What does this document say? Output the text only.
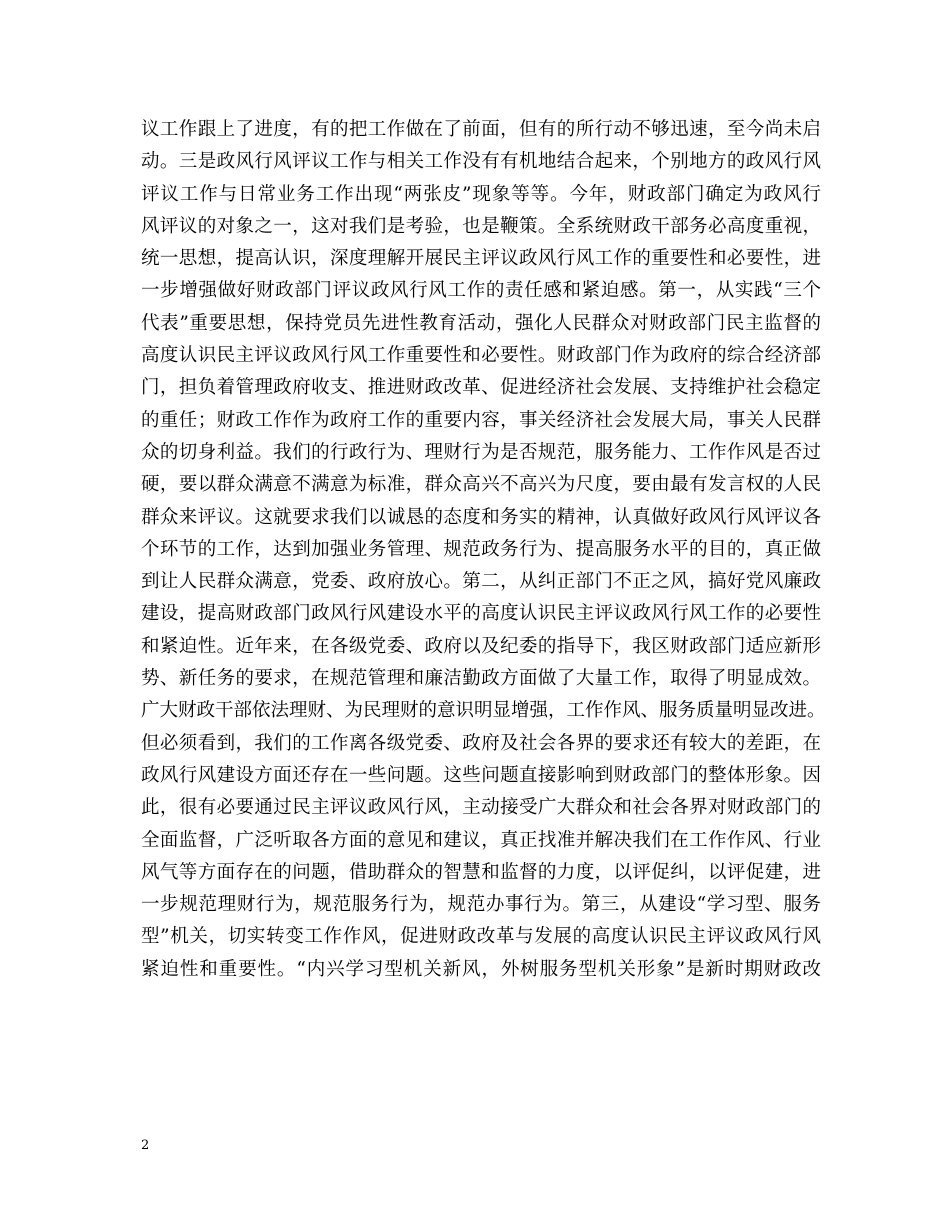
议工作跟上了进度，有的把工作做在了前面，但有的所行动不够迅速，至今尚未启
动。三是政风行风评议工作与相关工作没有有机地结合起来，个别地方的政风行风
评议工作与日常业务工作出现“两张皮”现象等等。今年，财政部门确定为政风行
风评议的对象之一，这对我们是考验，也是鞭策。全系统财政干部务必高度重视，
统一思想，提高认识，深度理解开展民主评议政风行风工作的重要性和必要性，进
一步增强做好财政部门评议政风行风工作的责任感和紧迫感。第一，从实践“三个
代表”重要思想，保持党员先进性教育活动，强化人民群众对财政部门民主监督的
高度认识民主评议政风行风工作重要性和必要性。财政部门作为政府的综合经济部
门，担负着管理政府收支、推进财政改革、促进经济社会发展、支持维护社会稳定
的重任；财政工作作为政府工作的重要内容，事关经济社会发展大局，事关人民群
众的切身利益。我们的行政行为、理财行为是否规范，服务能力、工作作风是否过
硬，要以群众满意不满意为标准，群众高兴不高兴为尺度，要由最有发言权的人民
群众来评议。这就要求我们以诚恳的态度和务实的精神，认真做好政风行风评议各
个环节的工作，达到加强业务管理、规范政务行为、提高服务水平的目的，真正做
到让人民群众满意，党委、政府放心。第二，从纠正部门不正之风，搞好党风廉政
建设，提高财政部门政风行风建设水平的高度认识民主评议政风行风工作的必要性
和紧迫性。近年来，在各级党委、政府以及纪委的指导下，我区财政部门适应新形
势、新任务的要求，在规范管理和廉洁勤政方面做了大量工作，取得了明显成效。
广大财政干部依法理财、为民理财的意识明显增强，工作作风、服务质量明显改进。
但必须看到，我们的工作离各级党委、政府及社会各界的要求还有较大的差距，在
政风行风建设方面还存在一些问题。这些问题直接影响到财政部门的整体形象。因
此，很有必要通过民主评议政风行风，主动接受广大群众和社会各界对财政部门的
全面监督，广泛听取各方面的意见和建议，真正找准并解决我们在工作作风、行业
风气等方面存在的问题，借助群众的智慧和监督的力度，以评促纠，以评促建，进
一步规范理财行为，规范服务行为，规范办事行为。第三，从建设“学习型、服务
型”机关，切实转变工作作风，促进财政改革与发展的高度认识民主评议政风行风
紧迫性和重要性。“内兴学习型机关新风，外树服务型机关形象”是新时期财政改
2
